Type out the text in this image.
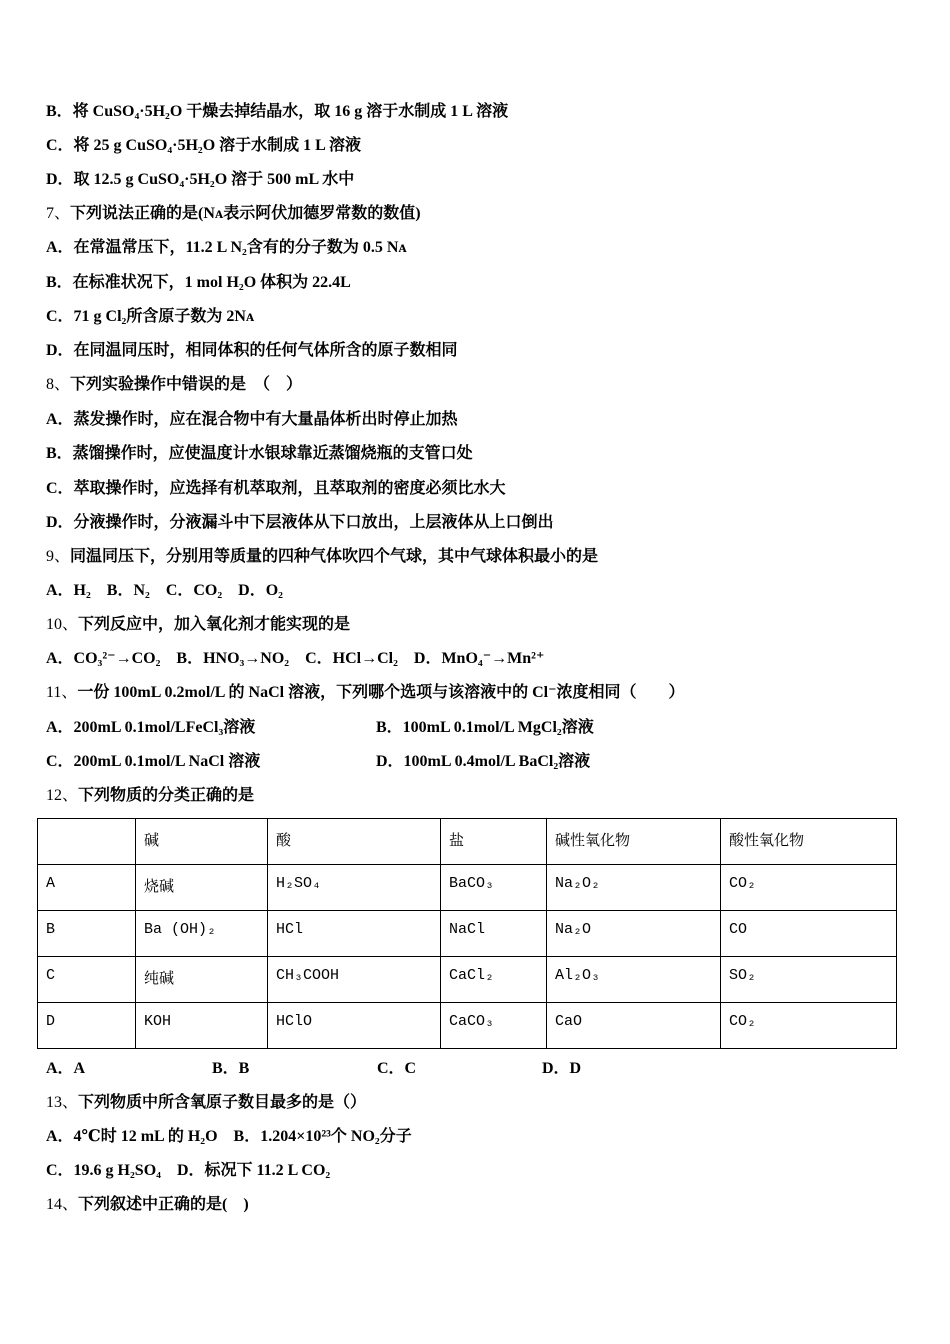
B．将 CuSO₄·5H₂O 干燥去掉结晶水，取 16 g 溶于水制成 1 L 溶液
C．将 25 g CuSO₄·5H₂O 溶于水制成 1 L 溶液
D．取 12.5 g CuSO₄·5H₂O 溶于 500 mL 水中
7、下列说法正确的是(Nᴀ表示阿伏加德罗常数的数值)
A．在常温常压下，11.2 L N₂含有的分子数为 0.5 Nᴀ
B．在标准状况下，1 mol H₂O 体积为 22.4L
C．71 g Cl₂所含原子数为 2Nᴀ
D．在同温同压时，相同体积的任何气体所含的原子数相同
8、下列实验操作中错误的是　（　）
A．蒸发操作时，应在混合物中有大量晶体析出时停止加热
B．蒸馏操作时，应使温度计水银球靠近蒸馏烧瓶的支管口处
C．萃取操作时，应选择有机萃取剂，且萃取剂的密度必须比水大
D．分液操作时，分液漏斗中下层液体从下口放出，上层液体从上口倒出
9、同温同压下，分别用等质量的四种气体吹四个气球，其中气球体积最小的是
A．H₂　B．N₂　C．CO₂　D．O₂
10、下列反应中，加入氧化剂才能实现的是
A．CO₃²⁻→CO₂　B．HNO₃→NO₂　C．HCl→Cl₂　D．MnO₄⁻→Mn²⁺
11、一份 100mL 0.2mol/L 的 NaCl 溶液，下列哪个选项与该溶液中的 Cl⁻浓度相同（　　）
A．200mL 0.1mol/LFeCl₃溶液	B．100mL 0.1mol/L MgCl₂溶液
C．200mL 0.1mol/L NaCl 溶液	D．100mL 0.4mol/L BaCl₂溶液
12、下列物质的分类正确的是
	碱	酸	盐	碱性氧化物	酸性氧化物
A	烧碱	H₂SO₄	BaCO₃	Na₂O₂	CO₂
B	Ba (OH)₂	HCl	NaCl	Na₂O	CO
C	纯碱	CH₃COOH	CaCl₂	Al₂O₃	SO₂
D	KOH	HClO	CaCO₃	CaO	CO₂
A．A	B．B	C．C	D．D
13、下列物质中所含氧原子数目最多的是（）
A．4℃时 12 mL 的 H₂O　B．1.204×10²³个 NO₂分子
C．19.6 g H₂SO₄　D．标况下 11.2 L CO₂
14、下列叙述中正确的是(　)
